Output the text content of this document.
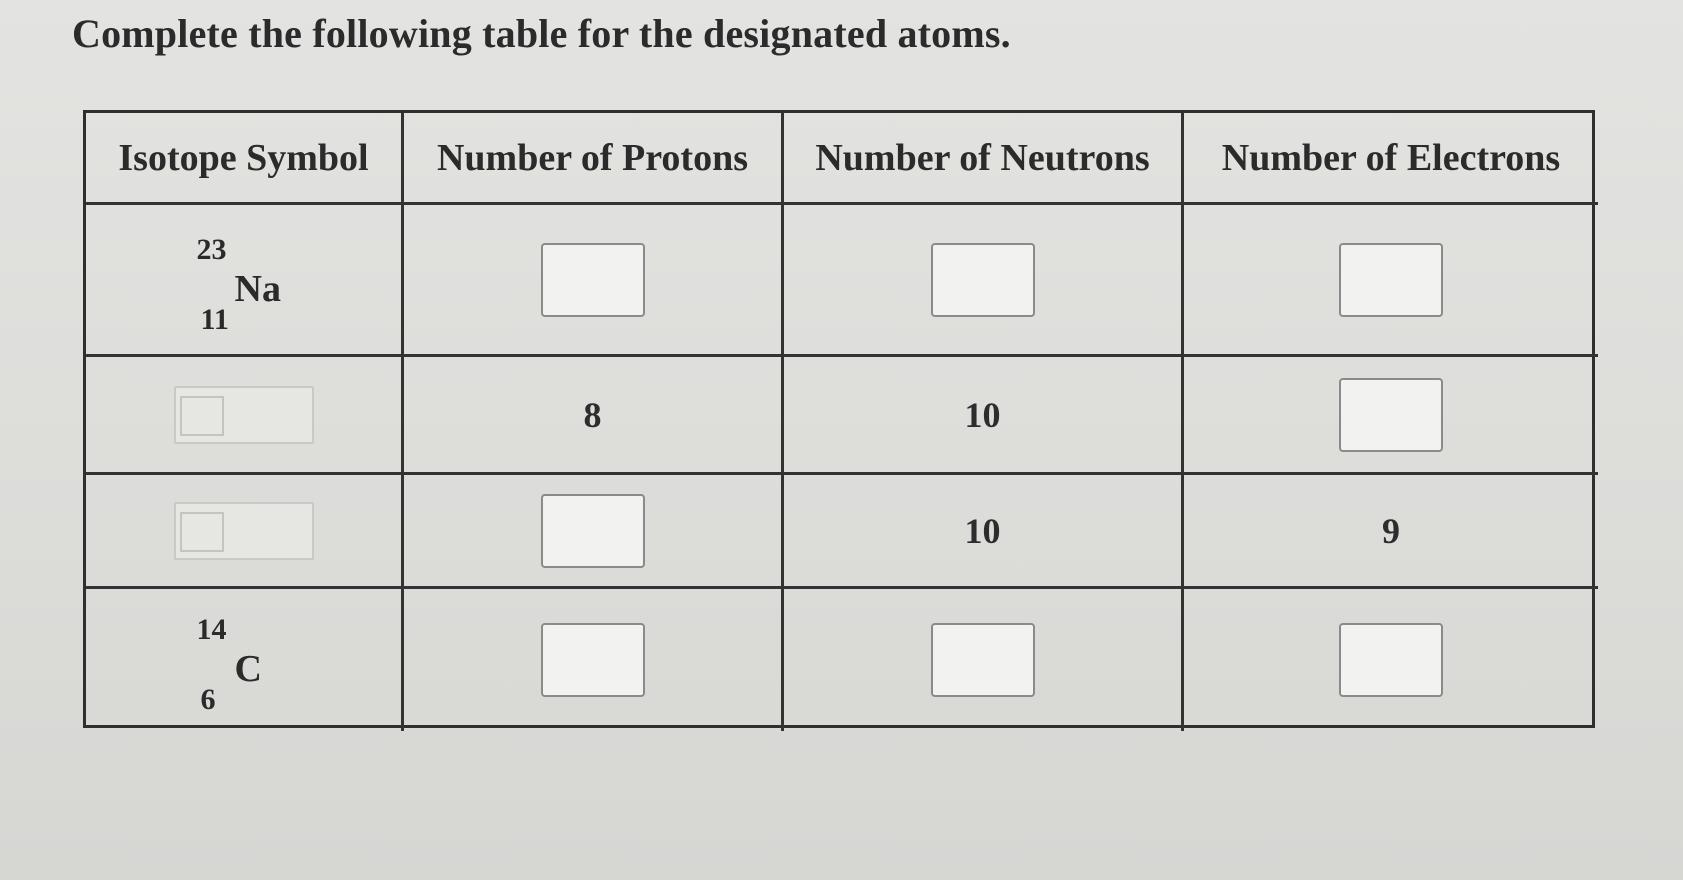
Complete the following table for the designated atoms.
Isotope Symbol Number of Protons Number of Neutrons Number of Electrons
23
Na
11
8	10
10	9
14
C
6
